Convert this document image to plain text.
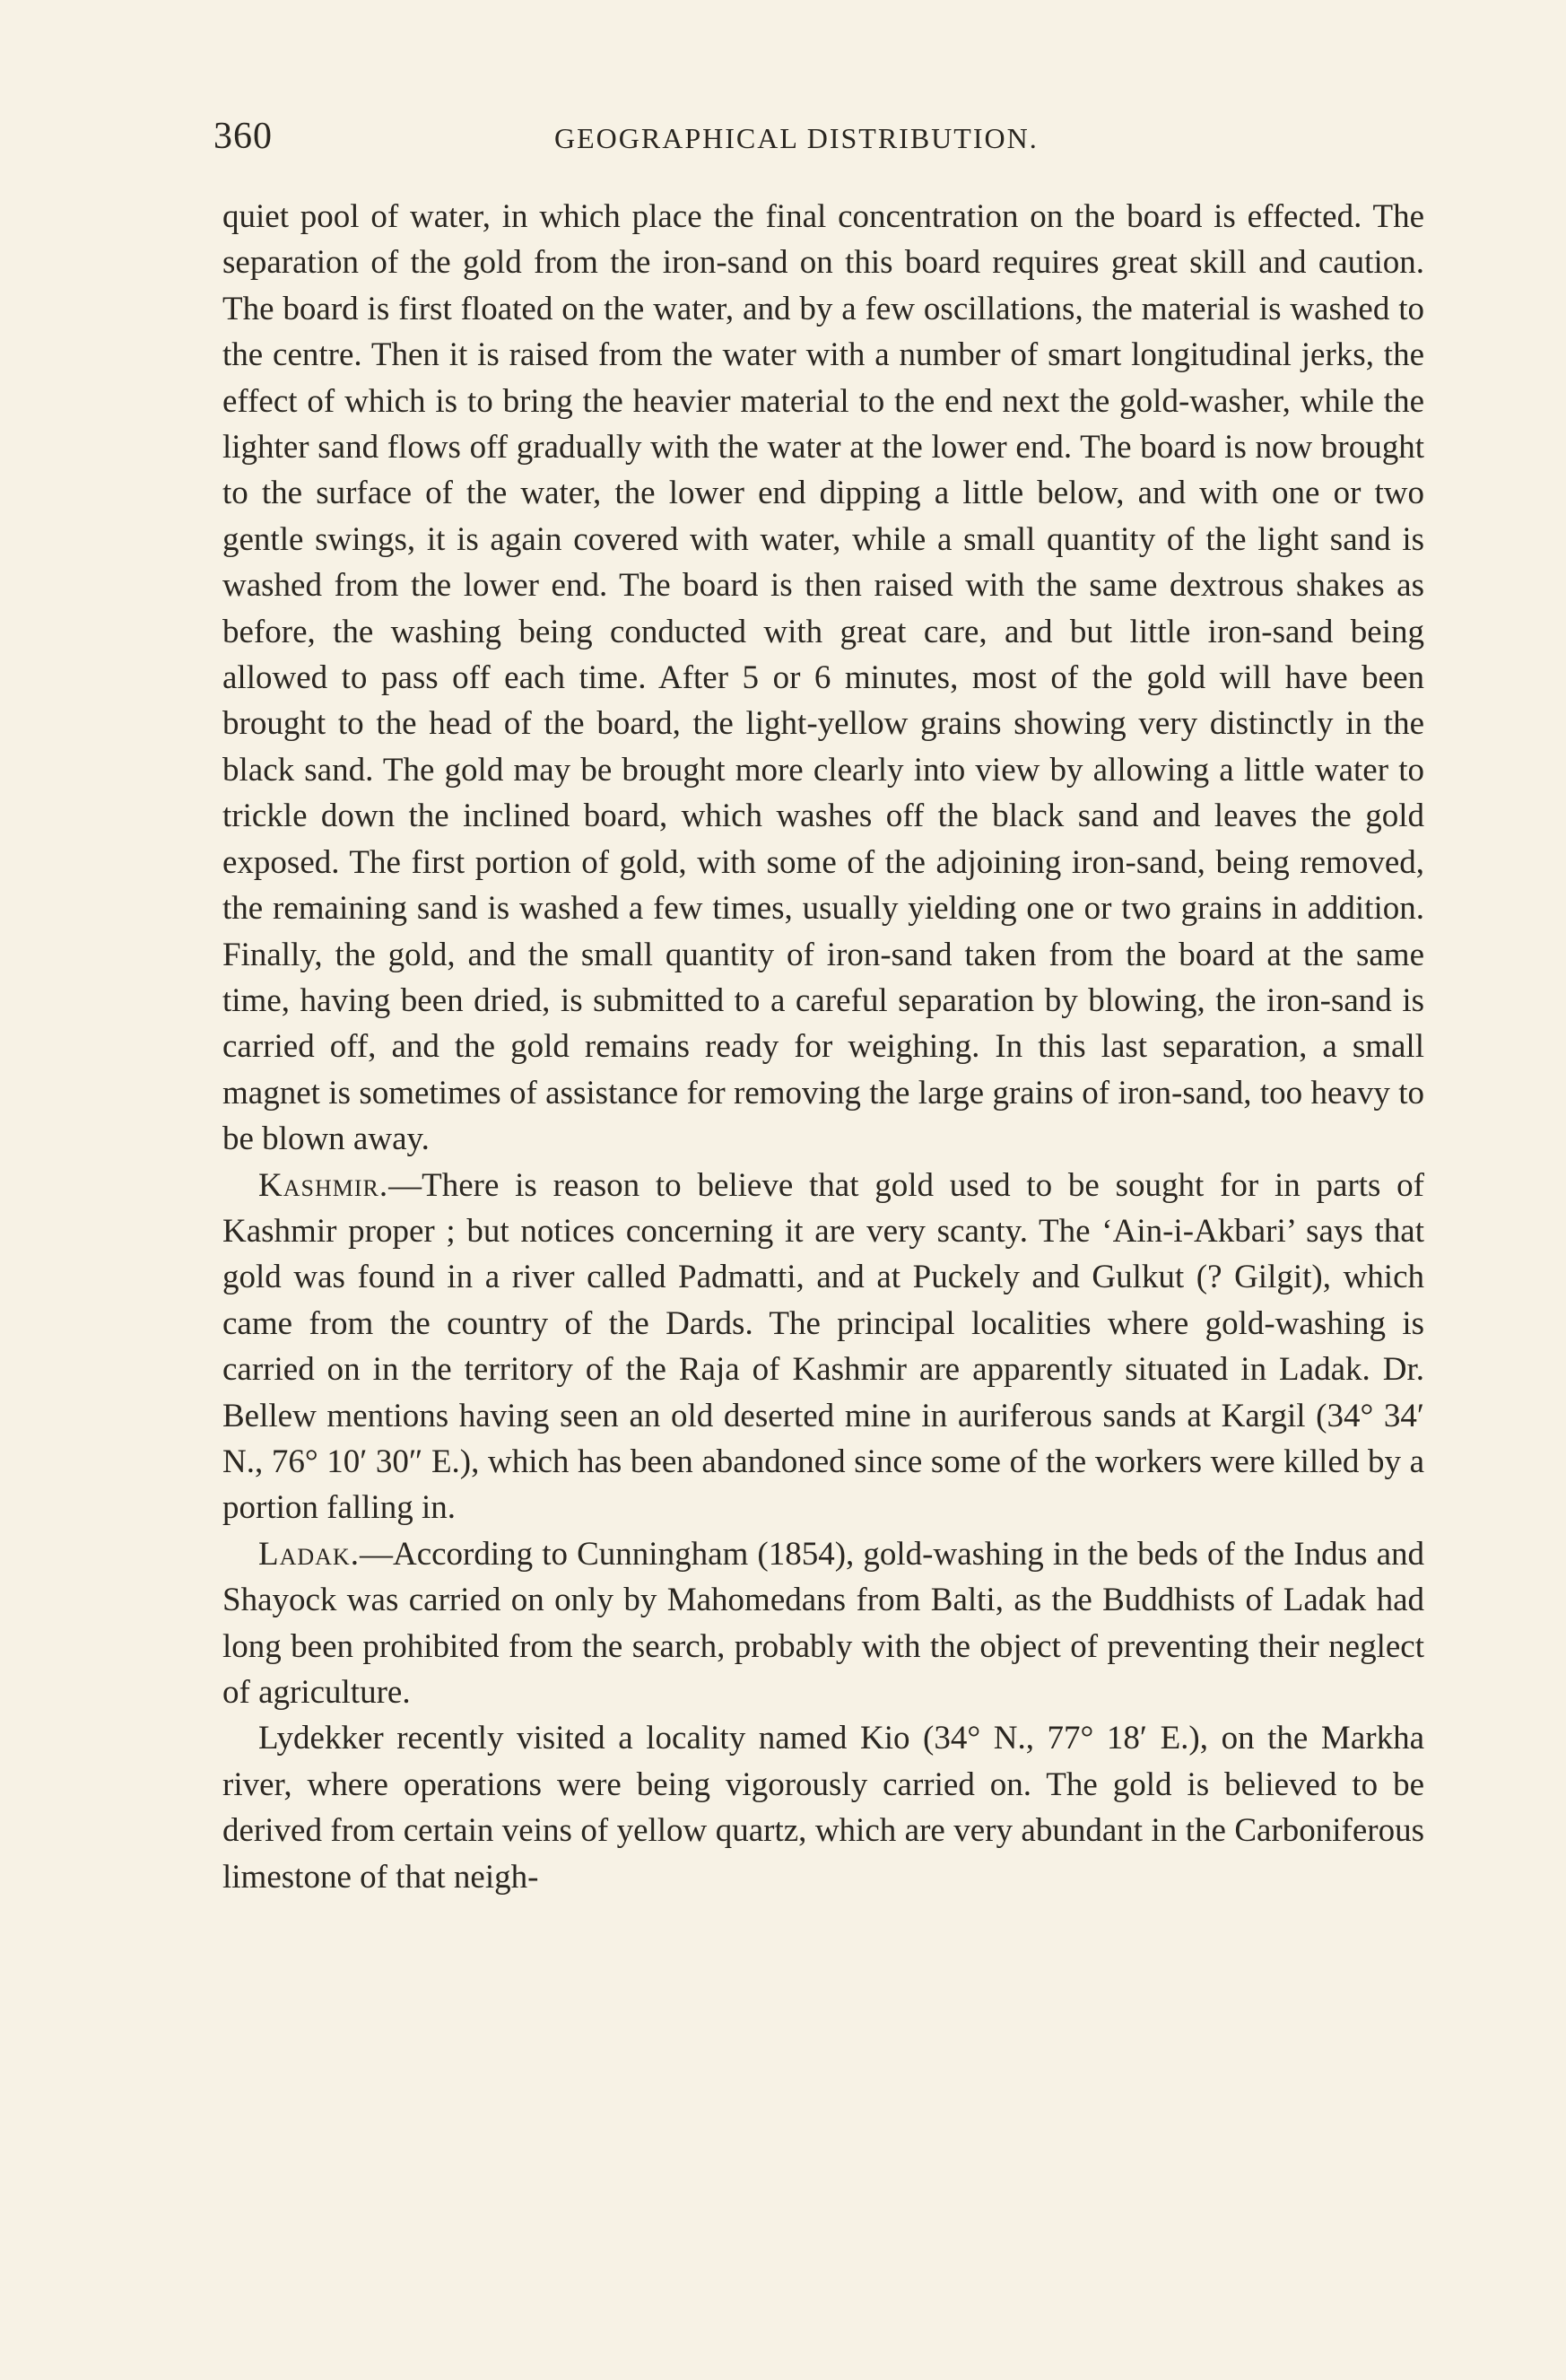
360	GEOGRAPHICAL DISTRIBUTION.

quiet pool of water, in which place the final concentration on the board is effected. The separation of the gold from the iron-sand on this board requires great skill and caution. The board is first floated on the water, and by a few oscillations, the material is washed to the centre. Then it is raised from the water with a number of smart longitudinal jerks, the effect of which is to bring the heavier material to the end next the gold-washer, while the lighter sand flows off gradually with the water at the lower end. The board is now brought to the surface of the water, the lower end dipping a little below, and with one or two gentle swings, it is again covered with water, while a small quantity of the light sand is washed from the lower end. The board is then raised with the same dextrous shakes as before, the washing being conducted with great care, and but little iron-sand being allowed to pass off each time. After 5 or 6 minutes, most of the gold will have been brought to the head of the board, the light-yellow grains showing very distinctly in the black sand. The gold may be brought more clearly into view by allowing a little water to trickle down the inclined board, which washes off the black sand and leaves the gold exposed. The first portion of gold, with some of the adjoining iron-sand, being removed, the remaining sand is washed a few times, usually yielding one or two grains in addition. Finally, the gold, and the small quantity of iron-sand taken from the board at the same time, having been dried, is submitted to a careful separation by blowing, the iron-sand is carried off, and the gold remains ready for weighing. In this last separation, a small magnet is sometimes of assistance for removing the large grains of iron-sand, too heavy to be blown away.

Kashmir.—There is reason to believe that gold used to be sought for in parts of Kashmir proper ; but notices concerning it are very scanty. The ‘Ain-i-Akbari’ says that gold was found in a river called Padmatti, and at Puckely and Gulkut (? Gilgit), which came from the country of the Dards. The principal localities where gold-washing is carried on in the territory of the Raja of Kashmir are apparently situated in Ladak. Dr. Bellew mentions having seen an old deserted mine in auriferous sands at Kargil (34° 34′ N., 76° 10′ 30″ E.), which has been abandoned since some of the workers were killed by a portion falling in.

Ladak.—According to Cunningham (1854), gold-washing in the beds of the Indus and Shayock was carried on only by Mahomedans from Balti, as the Buddhists of Ladak had long been prohibited from the search, probably with the object of preventing their neglect of agriculture.

Lydekker recently visited a locality named Kio (34° N., 77° 18′ E.), on the Markha river, where operations were being vigorously carried on. The gold is believed to be derived from certain veins of yellow quartz, which are very abundant in the Carboniferous limestone of that neigh-
